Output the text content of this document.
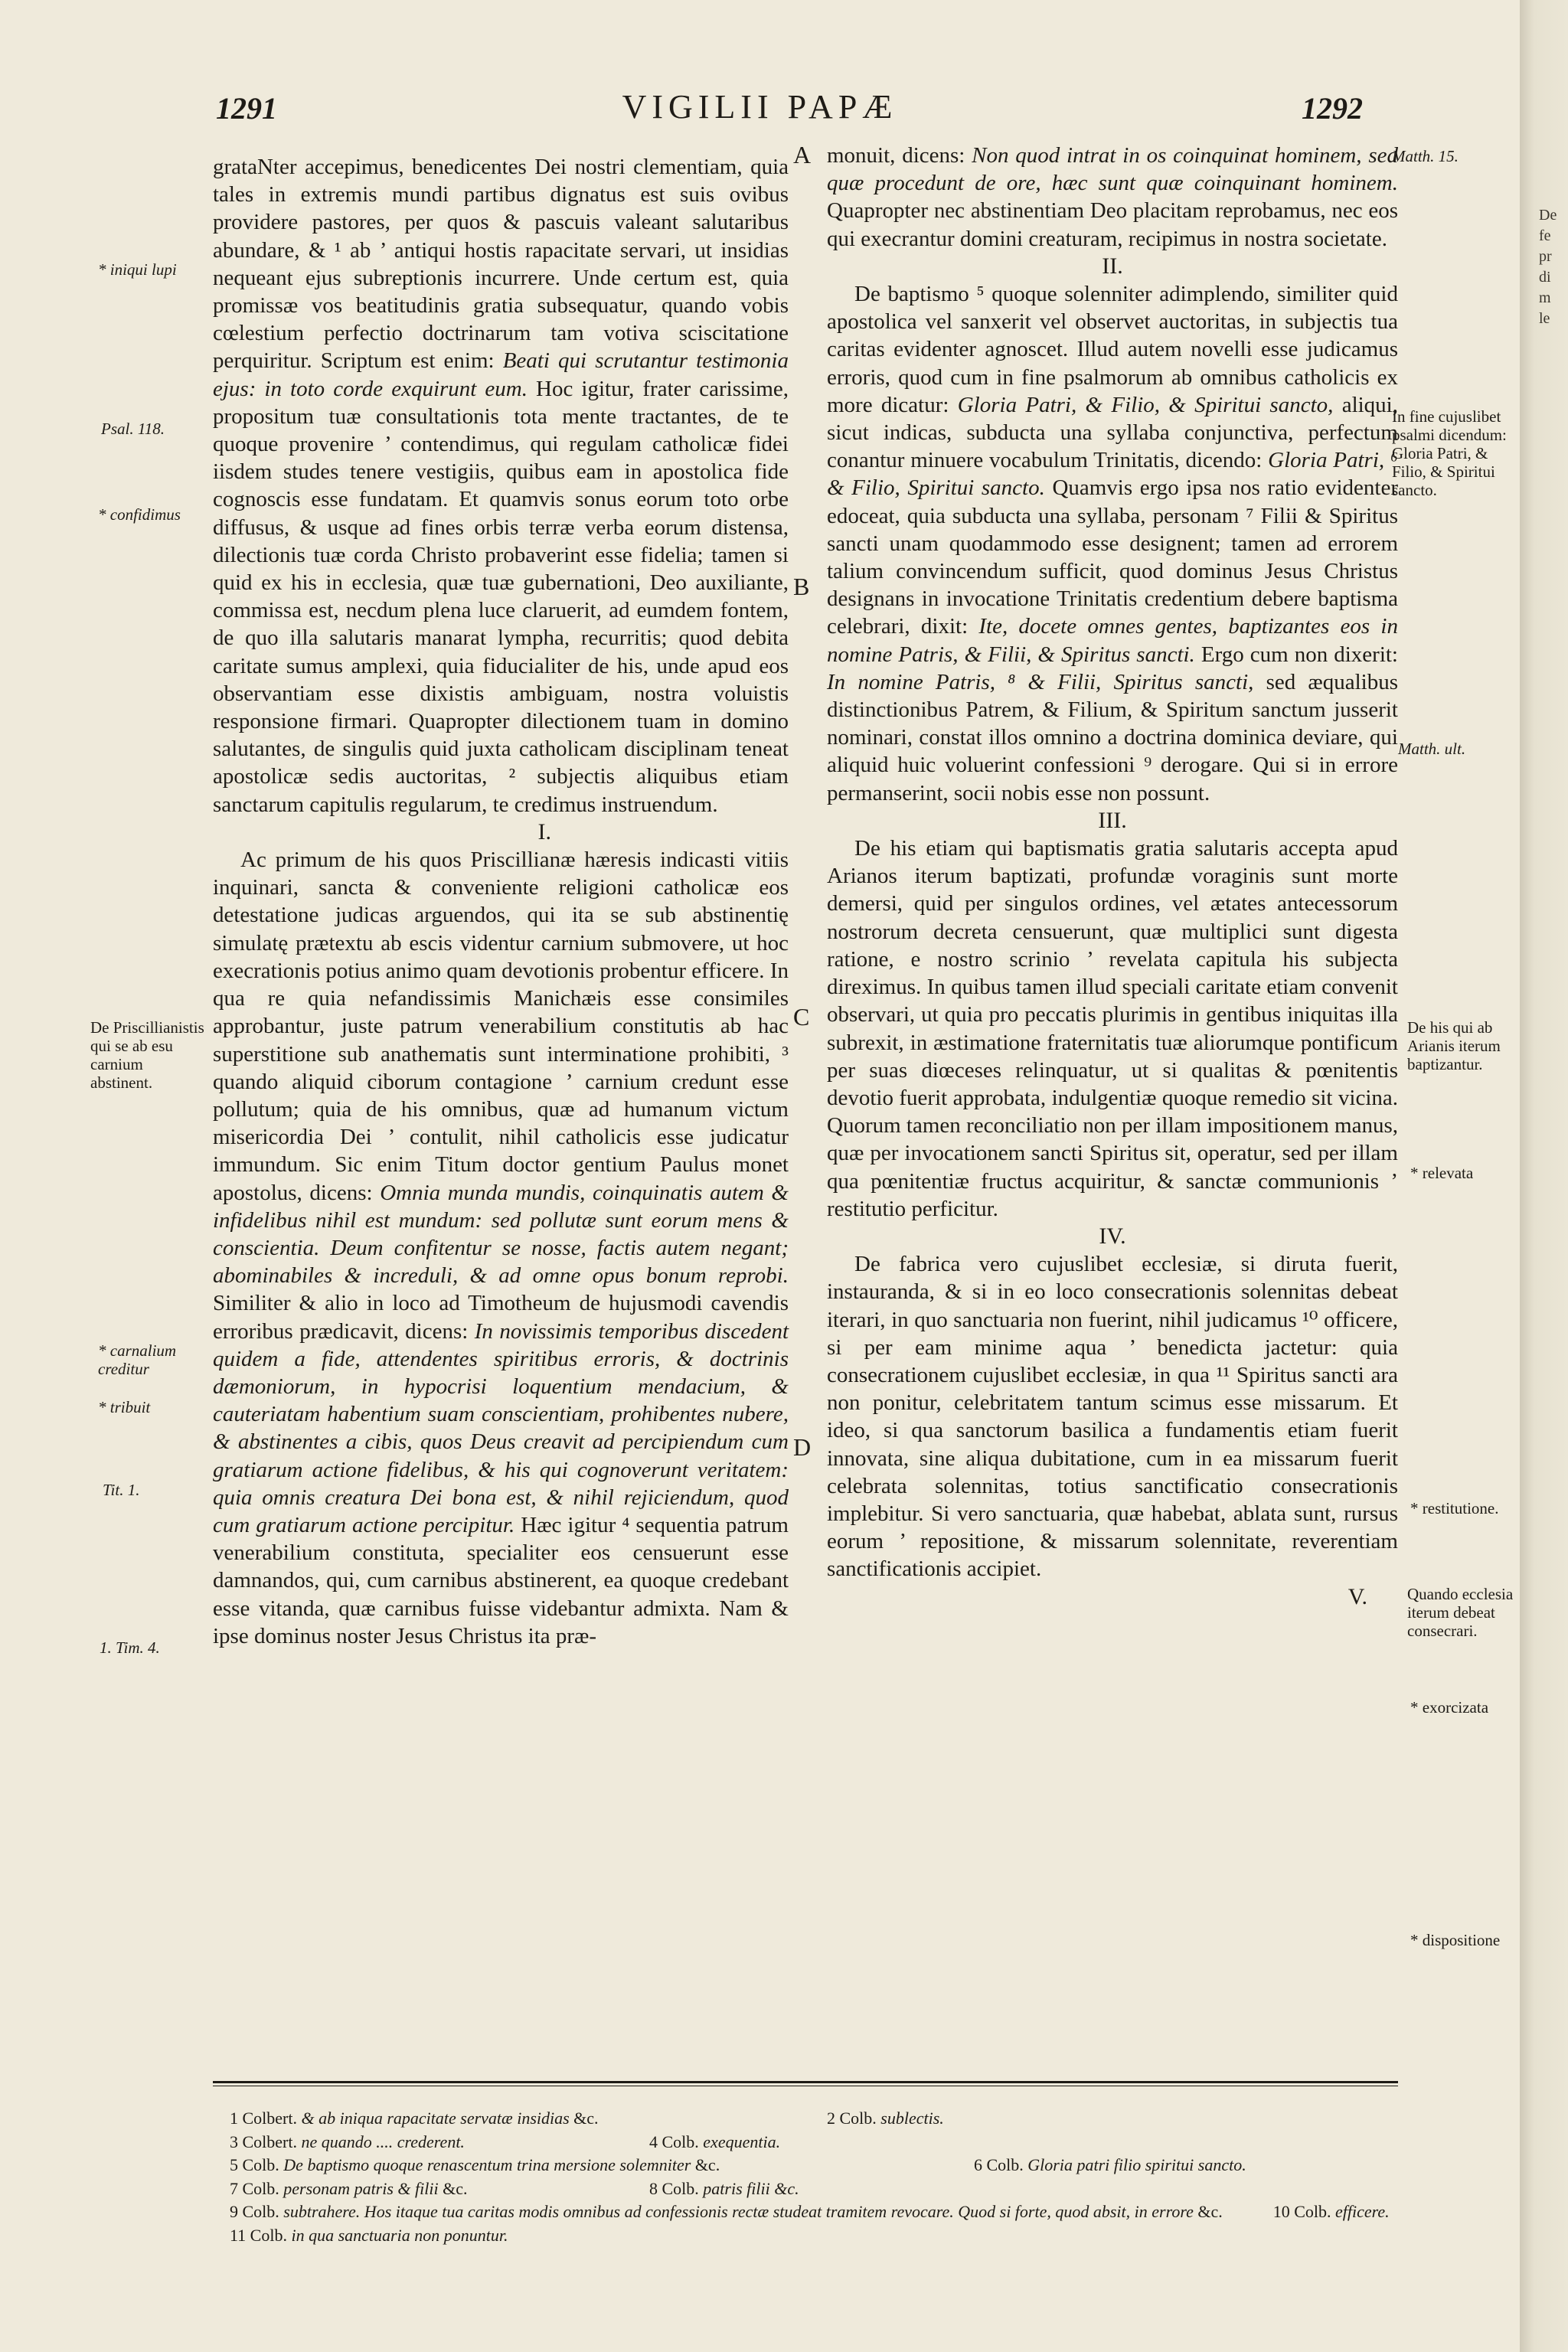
De
fe
pr
di
m
le
1291	VIGILII PAPÆ	1292

grataNter accepimus, benedicentes Dei nostri clementiam, quia tales in extremis mundi partibus dignatus est suis ovibus providere pastores, per quos & pascuis valeant salutaribus abundare, & ¹ ab ’ antiqui hostis rapacitate servari, ut insidias nequeant ejus subreptionis incurrere. Unde certum est, quia promissæ vos beatitudinis gratia subsequatur, quando vobis cœlestium perfectio doctrinarum tam votiva sciscitatione perquiritur. Scriptum est enim: Beati qui scrutantur testimonia ejus: in toto corde exquirunt eum. Hoc igitur, frater carissime, propositum tuæ consultationis tota mente tractantes, de te quoque provenire ’ contendimus, qui regulam catholicæ fidei iisdem studes tenere vestigiis, quibus eam in apostolica fide cognoscis esse fundatam. Et quamvis sonus eorum toto orbe diffusus, & usque ad fines orbis terræ verba eorum distensa, dilectionis tuæ corda Christo probaverint esse fidelia; tamen si quid ex his in ecclesia, quæ tuæ gubernationi, Deo auxiliante, commissa est, necdum plena luce claruerit, ad eumdem fontem, de quo illa salutaris manarat lympha, recurritis; quod debita caritate sumus amplexi, quia fiducialiter de his, unde apud eos observantiam esse dixistis ambiguam, nostra voluistis responsione firmari. Quapropter dilectionem tuam in domino salutantes, de singulis quid juxta catholicam disciplinam teneat apostolicæ sedis auctoritas, ² subjectis aliquibus etiam sanctarum capitulis regularum, te credimus instruendum.

I.

Ac primum de his quos Priscillianæ hæresis indicasti vitiis inquinari, sancta & conveniente religioni catholicæ eos detestatione judicas arguendos, qui ita se sub abstinentię simulatę prætextu ab escis videntur carnium submovere, ut hoc execrationis potius animo quam devotionis probentur efficere. In qua re quia nefandissimis Manichæis esse consimiles approbantur, juste patrum venerabilium constitutis ab hac superstitione sub anathematis sunt interminatione prohibiti, ³ quando aliquid ciborum contagione ’ carnium credunt esse pollutum; quia de his omnibus, quæ ad humanum victum misericordia Dei ’ contulit, nihil catholicis esse judicatur immundum. Sic enim Titum doctor gentium Paulus monet apostolus, dicens: Omnia munda mundis, coinquinatis autem & infidelibus nihil est mundum: sed pollutæ sunt eorum mens & conscientia. Deum confitentur se nosse, factis autem negant; abominabiles & increduli, & ad omne opus bonum reprobi. Similiter & alio in loco ad Timotheum de hujusmodi cavendis erroribus prædicavit, dicens: In novissimis temporibus discedent quidem a fide, attendentes spiritibus erroris, & doctrinis dæmoniorum, in hypocrisi loquentium mendacium, & cauteriatam habentium suam conscientiam, prohibentes nubere, & abstinentes a cibis, quos Deus creavit ad percipiendum cum gratiarum actione fidelibus, & his qui cognoverunt veritatem: quia omnis creatura Dei bona est, & nihil rejiciendum, quod cum gratiarum actione percipitur. Hæc igitur ⁴ sequentia patrum venerabilium constituta, specialiter eos censuerunt esse damnandos, qui, cum carnibus abstinerent, ea quoque credebant esse vitanda, quæ carnibus fuisse videbantur admixta. Nam & ipse dominus noster Jesus Christus ita præ-

monuit, dicens: Non quod intrat in os coinquinat hominem, sed quæ procedunt de ore, hæc sunt quæ coinquinant hominem. Quapropter nec abstinentiam Deo placitam reprobamus, nec eos qui execrantur domini creaturam, recipimus in nostra societate.

II.

De baptismo ⁵ quoque solenniter adimplendo, similiter quid apostolica vel sanxerit vel observet auctoritas, in subjectis tua caritas evidenter agnoscet. Illud autem novelli esse judicamus erroris, quod cum in fine psalmorum ab omnibus catholicis ex more dicatur: Gloria Patri, & Filio, & Spiritui sancto, aliqui, sicut indicas, subducta una syllaba conjunctiva, perfectum conantur minuere vocabulum Trinitatis, dicendo: Gloria Patri, ⁶ & Filio, Spiritui sancto. Quamvis ergo ipsa nos ratio evidenter edoceat, quia subducta una syllaba, personam ⁷ Filii & Spiritus sancti unam quodammodo esse designent; tamen ad errorem talium convincendum sufficit, quod dominus Jesus Christus designans in invocatione Trinitatis credentium debere baptisma celebrari, dixit: Ite, docete omnes gentes, baptizantes eos in nomine Patris, & Filii, & Spiritus sancti. Ergo cum non dixerit: In nomine Patris, ⁸ & Filii, Spiritus sancti, sed æqualibus distinctionibus Patrem, & Filium, & Spiritum sanctum jusserit nominari, constat illos omnino a doctrina dominica deviare, qui aliquid huic voluerint confessioni ⁹ derogare. Qui si in errore permanserint, socii nobis esse non possunt.

III.

De his etiam qui baptismatis gratia salutaris accepta apud Arianos iterum baptizati, profundæ voraginis sunt morte demersi, quid per singulos ordines, vel ætates antecessorum nostrorum decreta censuerunt, quæ multiplici sunt digesta ratione, e nostro scrinio ’ revelata capitula his subjecta direximus. In quibus tamen illud speciali caritate etiam convenit observari, ut quia pro peccatis plurimis in gentibus iniquitas illa subrexit, in æstimatione fraternitatis tuæ aliorumque pontificum per suas diœceses relinquatur, ut si qualitas & pœnitentis devotio fuerit approbata, indulgentiæ quoque remedio sit vicina. Quorum tamen reconciliatio non per illam impositionem manus, quæ per invocationem sancti Spiritus sit, operatur, sed per illam qua pœnitentiæ fructus acquiritur, & sanctæ communionis ’ restitutio perficitur.

IV.

De fabrica vero cujuslibet ecclesiæ, si diruta fuerit, instauranda, & si in eo loco consecrationis solennitas debeat iterari, in quo sanctuaria non fuerint, nihil judicamus ¹⁰ officere, si per eam minime aqua ’ benedicta jactetur: quia consecrationem cujuslibet ecclesiæ, in qua ¹¹ Spiritus sancti ara non ponitur, celebritatem tantum scimus esse missarum. Et ideo, si qua sanctorum basilica a fundamentis etiam fuerit innovata, sine aliqua dubitatione, cum in ea missarum fuerit celebrata solennitas, totius sanctificatio consecrationis implebitur. Si vero sanctuaria, quæ habebat, ablata sunt, rursus eorum ’ repositione, & missarum solennitate, reverentiam sanctificationis accipiet.

V.

A
B
C
D
* iniqui lupi
Psal. 118.
* confidimus
De Priscillianistis qui se ab esu carnium abstinent.
* carnalium creditur
* tribuit
Tit. 1.
1. Tim. 4.
Matth. 15.
In fine cujuslibet psalmi dicendum: Gloria Patri, & Filio, & Spiritui sancto.
Matth. ult.
De his qui ab Arianis iterum baptizantur.
* relevata
* restitutione.
Quando ecclesia iterum debeat consecrari.
* exorcizata
* dispositione
1 Colbert. & ab iniqua rapacitate servatæ insidias &c.	2 Colb. sublectis.
3 Colbert. ne quando .... crederent.	4 Colb. exequentia.
5 Colb. De baptismo quoque renascentum trina mersione solemniter &c.	6 Colb. Gloria patri filio spiritui sancto.
7 Colb. personam patris & filii &c.	8 Colb. patris filii &c.
9 Colb. subtrahere. Hos itaque tua caritas modis omnibus ad confessionis rectæ studeat tramitem revocare. Quod si forte, quod absit, in errore &c.	10 Colb. efficere.
11 Colb. in qua sanctuaria non ponuntur.
